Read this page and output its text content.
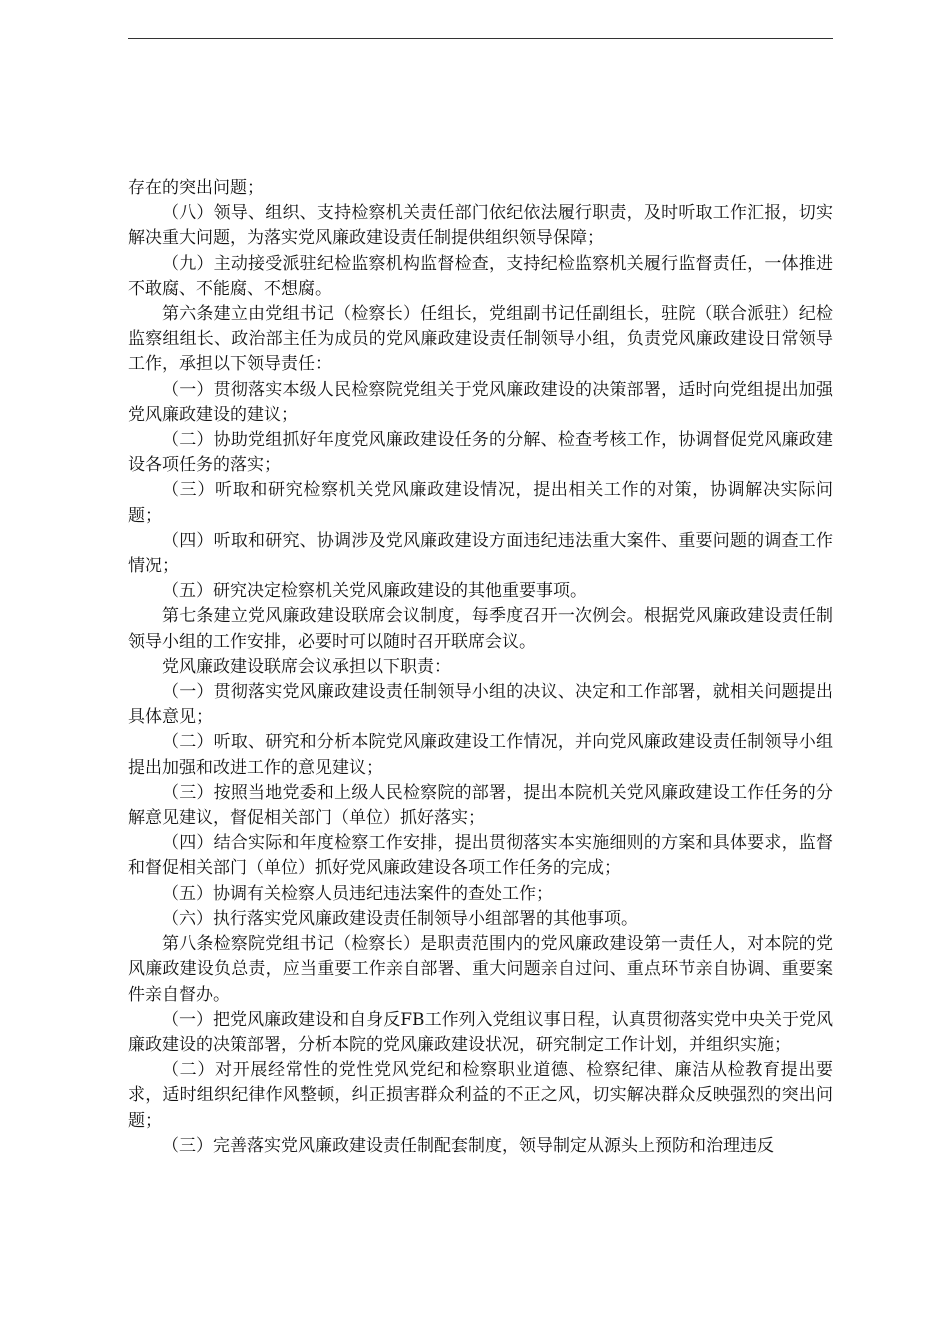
存在的突出问题；

（八）领导、组织、支持检察机关责任部门依纪依法履行职责，及时听取工作汇报，切实解决重大问题，为落实党风廉政建设责任制提供组织领导保障；

（九）主动接受派驻纪检监察机构监督检查，支持纪检监察机关履行监督责任，一体推进不敢腐、不能腐、不想腐。

第六条建立由党组书记（检察长）任组长，党组副书记任副组长，驻院（联合派驻）纪检监察组组长、政治部主任为成员的党风廉政建设责任制领导小组，负责党风廉政建设日常领导工作，承担以下领导责任：

（一）贯彻落实本级人民检察院党组关于党风廉政建设的决策部署，适时向党组提出加强党风廉政建设的建议；

（二）协助党组抓好年度党风廉政建设任务的分解、检查考核工作，协调督促党风廉政建设各项任务的落实；

（三）听取和研究检察机关党风廉政建设情况，提出相关工作的对策，协调解决实际问题；

（四）听取和研究、协调涉及党风廉政建设方面违纪违法重大案件、重要问题的调查工作情况；

（五）研究决定检察机关党风廉政建设的其他重要事项。

第七条建立党风廉政建设联席会议制度，每季度召开一次例会。根据党风廉政建设责任制领导小组的工作安排，必要时可以随时召开联席会议。

党风廉政建设联席会议承担以下职责：

（一）贯彻落实党风廉政建设责任制领导小组的决议、决定和工作部署，就相关问题提出具体意见；

（二）听取、研究和分析本院党风廉政建设工作情况，并向党风廉政建设责任制领导小组提出加强和改进工作的意见建议；

（三）按照当地党委和上级人民检察院的部署，提出本院机关党风廉政建设工作任务的分解意见建议，督促相关部门（单位）抓好落实；

（四）结合实际和年度检察工作安排，提出贯彻落实本实施细则的方案和具体要求，监督和督促相关部门（单位）抓好党风廉政建设各项工作任务的完成；

（五）协调有关检察人员违纪违法案件的查处工作；

（六）执行落实党风廉政建设责任制领导小组部署的其他事项。

第八条检察院党组书记（检察长）是职责范围内的党风廉政建设第一责任人，对本院的党风廉政建设负总责，应当重要工作亲自部署、重大问题亲自过问、重点环节亲自协调、重要案件亲自督办。

（一）把党风廉政建设和自身反FB工作列入党组议事日程，认真贯彻落实党中央关于党风廉政建设的决策部署，分析本院的党风廉政建设状况，研究制定工作计划，并组织实施；

（二）对开展经常性的党性党风党纪和检察职业道德、检察纪律、廉洁从检教育提出要求，适时组织纪律作风整顿，纠正损害群众利益的不正之风，切实解决群众反映强烈的突出问题；

（三）完善落实党风廉政建设责任制配套制度，领导制定从源头上预防和治理违反
